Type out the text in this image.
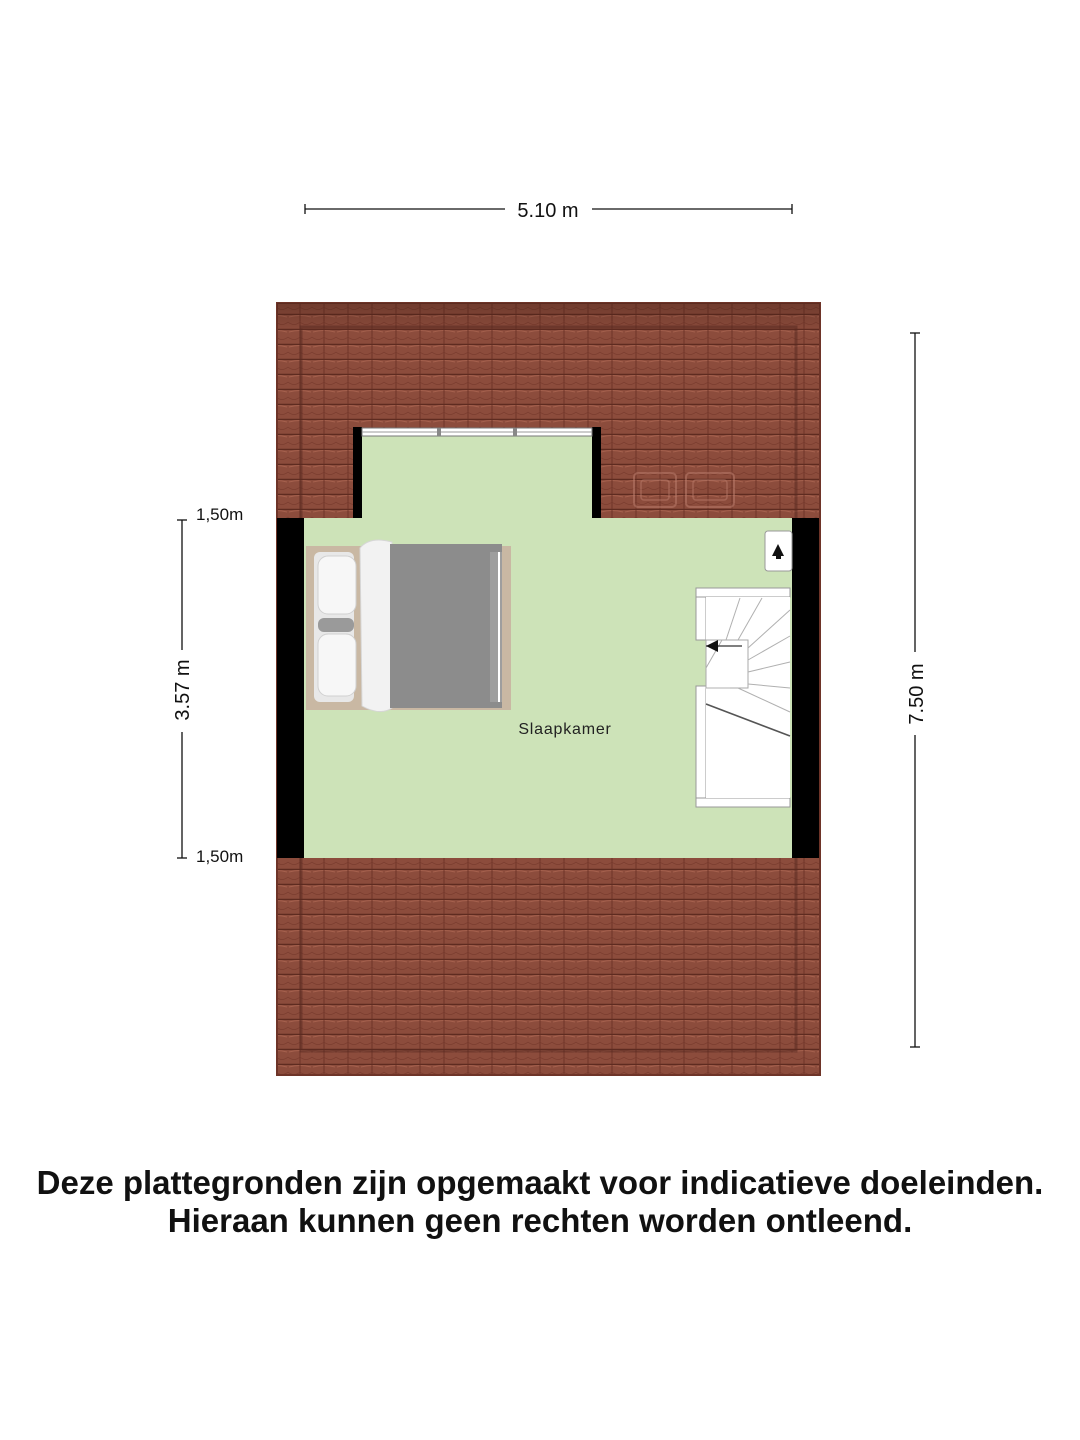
5.10 m
7.50 m
3.57 m
1,50m
1,50m
Slaapkamer
Deze plattegronden zijn opgemaakt voor indicatieve doeleinden.
Hieraan kunnen geen rechten worden ontleend.
